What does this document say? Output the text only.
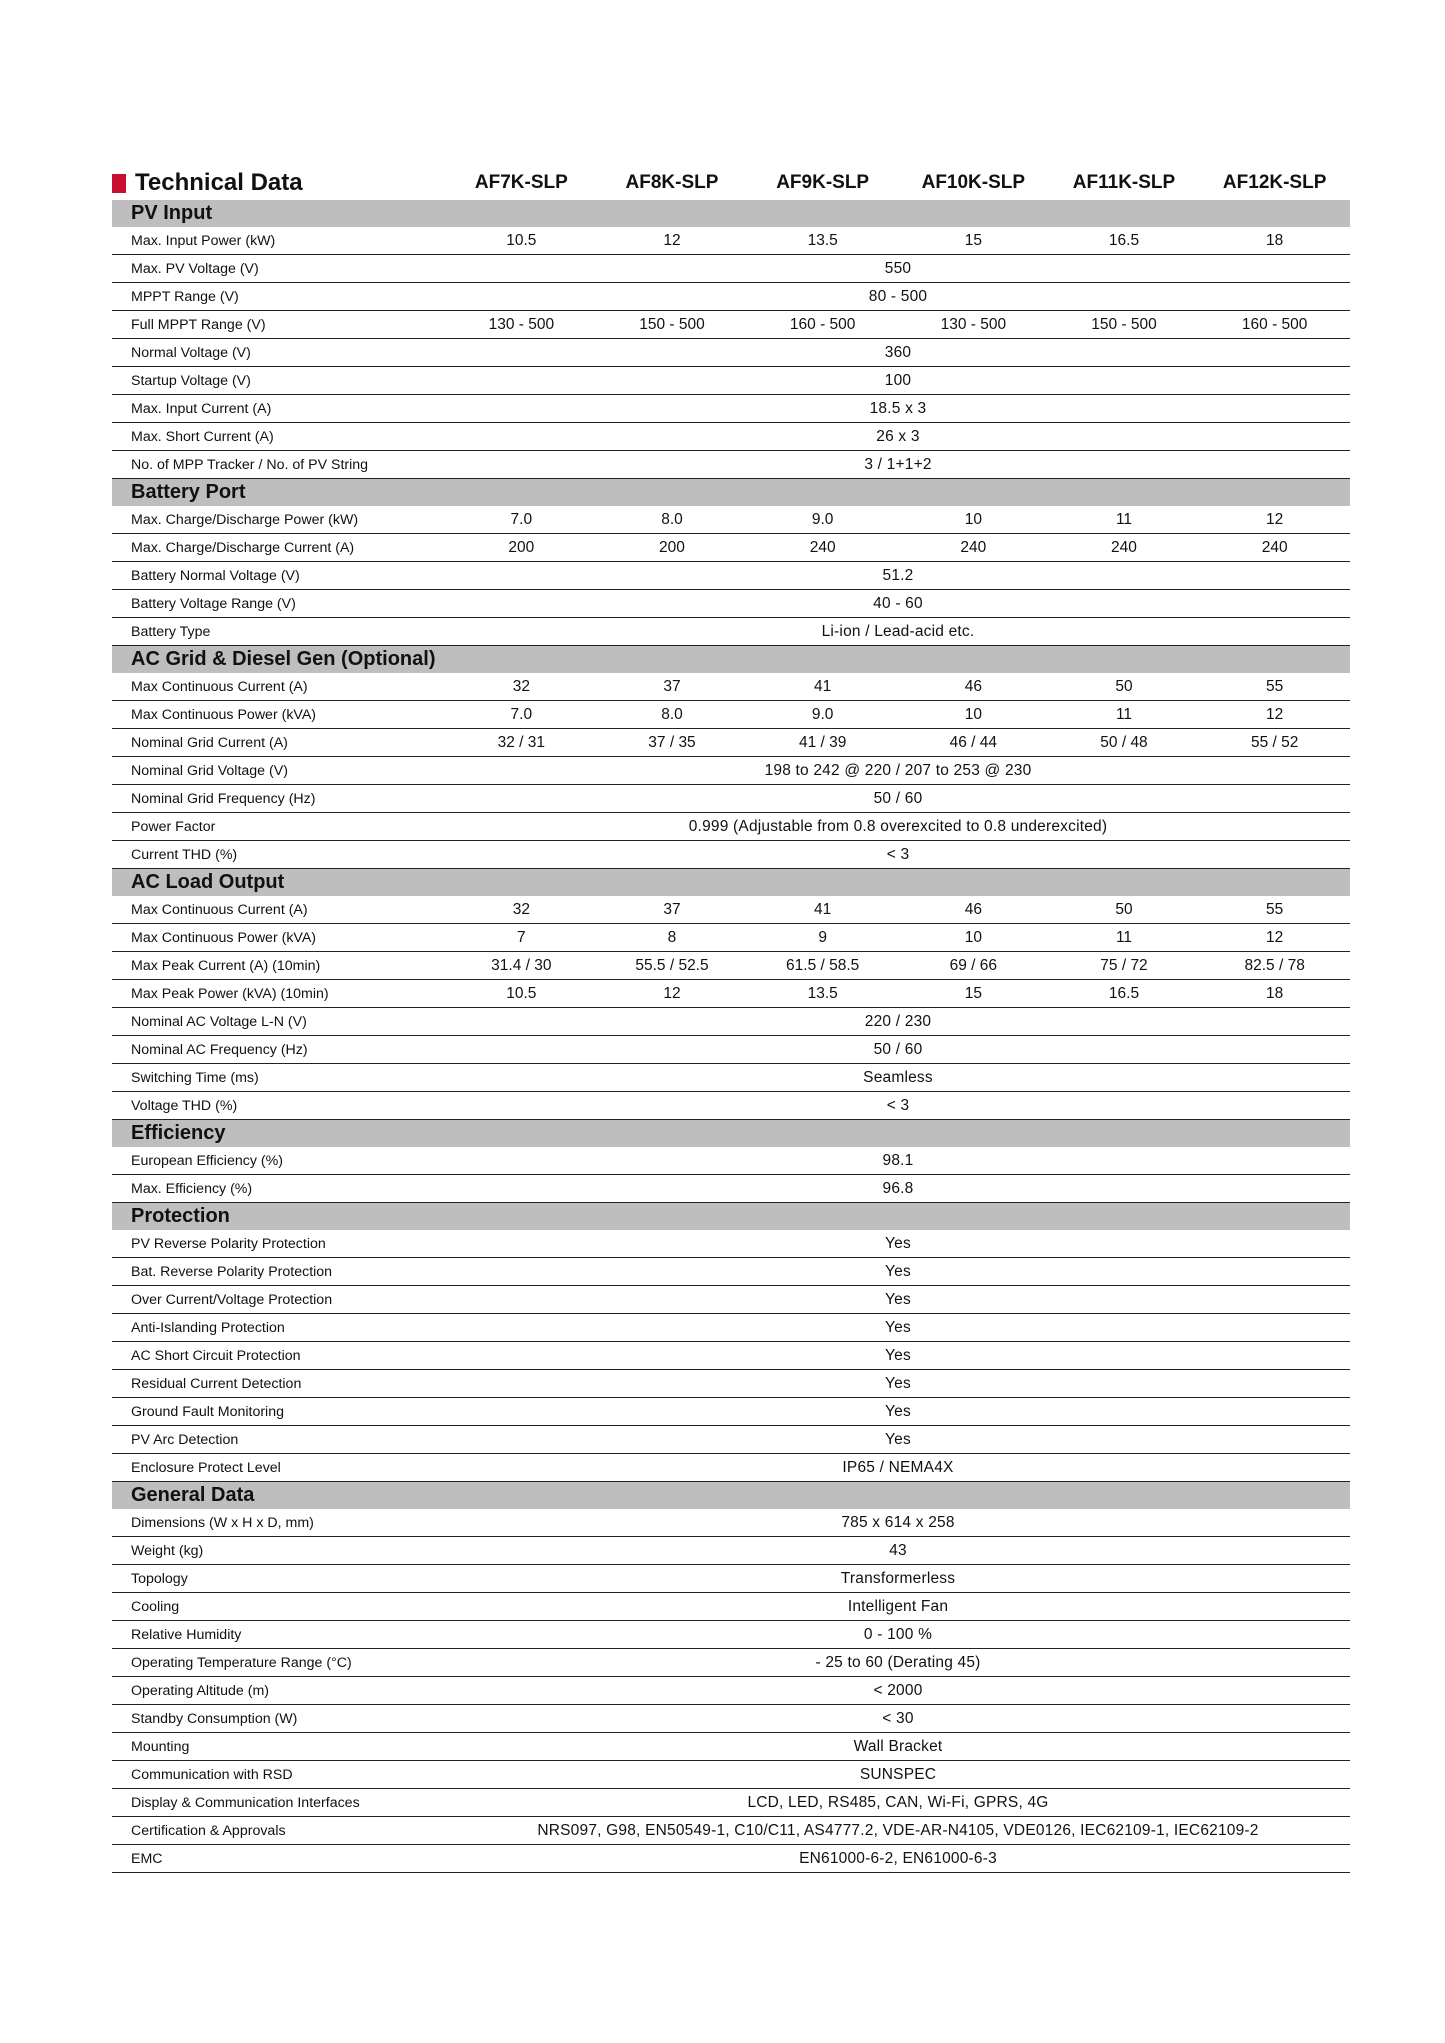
Technical Data	AF7K-SLP	AF8K-SLP	AF9K-SLP	AF10K-SLP	AF11K-SLP	AF12K-SLP
PV Input
Max. Input Power (kW)	10.5	12	13.5	15	16.5	18
Max. PV Voltage (V)	550
MPPT Range (V)	80 - 500
Full MPPT Range (V)	130 - 500	150 - 500	160 - 500	130 - 500	150 - 500	160 - 500
Normal Voltage (V)	360
Startup Voltage (V)	100
Max. Input Current (A)	18.5 x 3
Max. Short Current (A)	26 x 3
No. of MPP Tracker / No. of PV String	3 / 1+1+2
Battery Port
Max. Charge/Discharge Power (kW)	7.0	8.0	9.0	10	11	12
Max. Charge/Discharge Current (A)	200	200	240	240	240	240
Battery Normal Voltage (V)	51.2
Battery Voltage Range (V)	40 - 60
Battery Type	Li-ion / Lead-acid etc.
AC Grid & Diesel Gen (Optional)
Max Continuous Current (A)	32	37	41	46	50	55
Max Continuous Power (kVA)	7.0	8.0	9.0	10	11	12
Nominal Grid Current (A)	32 / 31	37 / 35	41 / 39	46 / 44	50 / 48	55 / 52
Nominal Grid Voltage (V)	198 to 242 @ 220 / 207 to 253 @ 230
Nominal Grid Frequency (Hz)	50 / 60
Power Factor	0.999 (Adjustable from 0.8 overexcited to 0.8 underexcited)
Current THD (%)	< 3
AC Load Output
Max Continuous Current (A)	32	37	41	46	50	55
Max Continuous Power (kVA)	7	8	9	10	11	12
Max Peak Current (A) (10min)	31.4 / 30	55.5 / 52.5	61.5 / 58.5	69 / 66	75 / 72	82.5 / 78
Max Peak Power (kVA) (10min)	10.5	12	13.5	15	16.5	18
Nominal AC Voltage L-N (V)	220 / 230
Nominal AC Frequency (Hz)	50 / 60
Switching Time (ms)	Seamless
Voltage THD (%)	< 3
Efficiency
European Efficiency (%)	98.1
Max. Efficiency (%)	96.8
Protection
PV Reverse Polarity Protection	Yes
Bat. Reverse Polarity Protection	Yes
Over Current/Voltage Protection	Yes
Anti-Islanding Protection	Yes
AC Short Circuit Protection	Yes
Residual Current Detection	Yes
Ground Fault Monitoring	Yes
PV Arc Detection	Yes
Enclosure Protect Level	IP65 / NEMA4X
General Data
Dimensions (W x H x D, mm)	785 x 614 x 258
Weight (kg)	43
Topology	Transformerless
Cooling	Intelligent Fan
Relative Humidity	0 - 100 %
Operating Temperature Range (°C)	- 25 to 60 (Derating 45)
Operating Altitude (m)	< 2000
Standby Consumption (W)	< 30
Mounting	Wall Bracket
Communication with RSD	SUNSPEC
Display & Communication Interfaces	LCD, LED, RS485, CAN, Wi-Fi, GPRS, 4G
Certification & Approvals	NRS097, G98, EN50549-1, C10/C11, AS4777.2, VDE-AR-N4105, VDE0126, IEC62109-1, IEC62109-2
EMC	EN61000-6-2, EN61000-6-3
